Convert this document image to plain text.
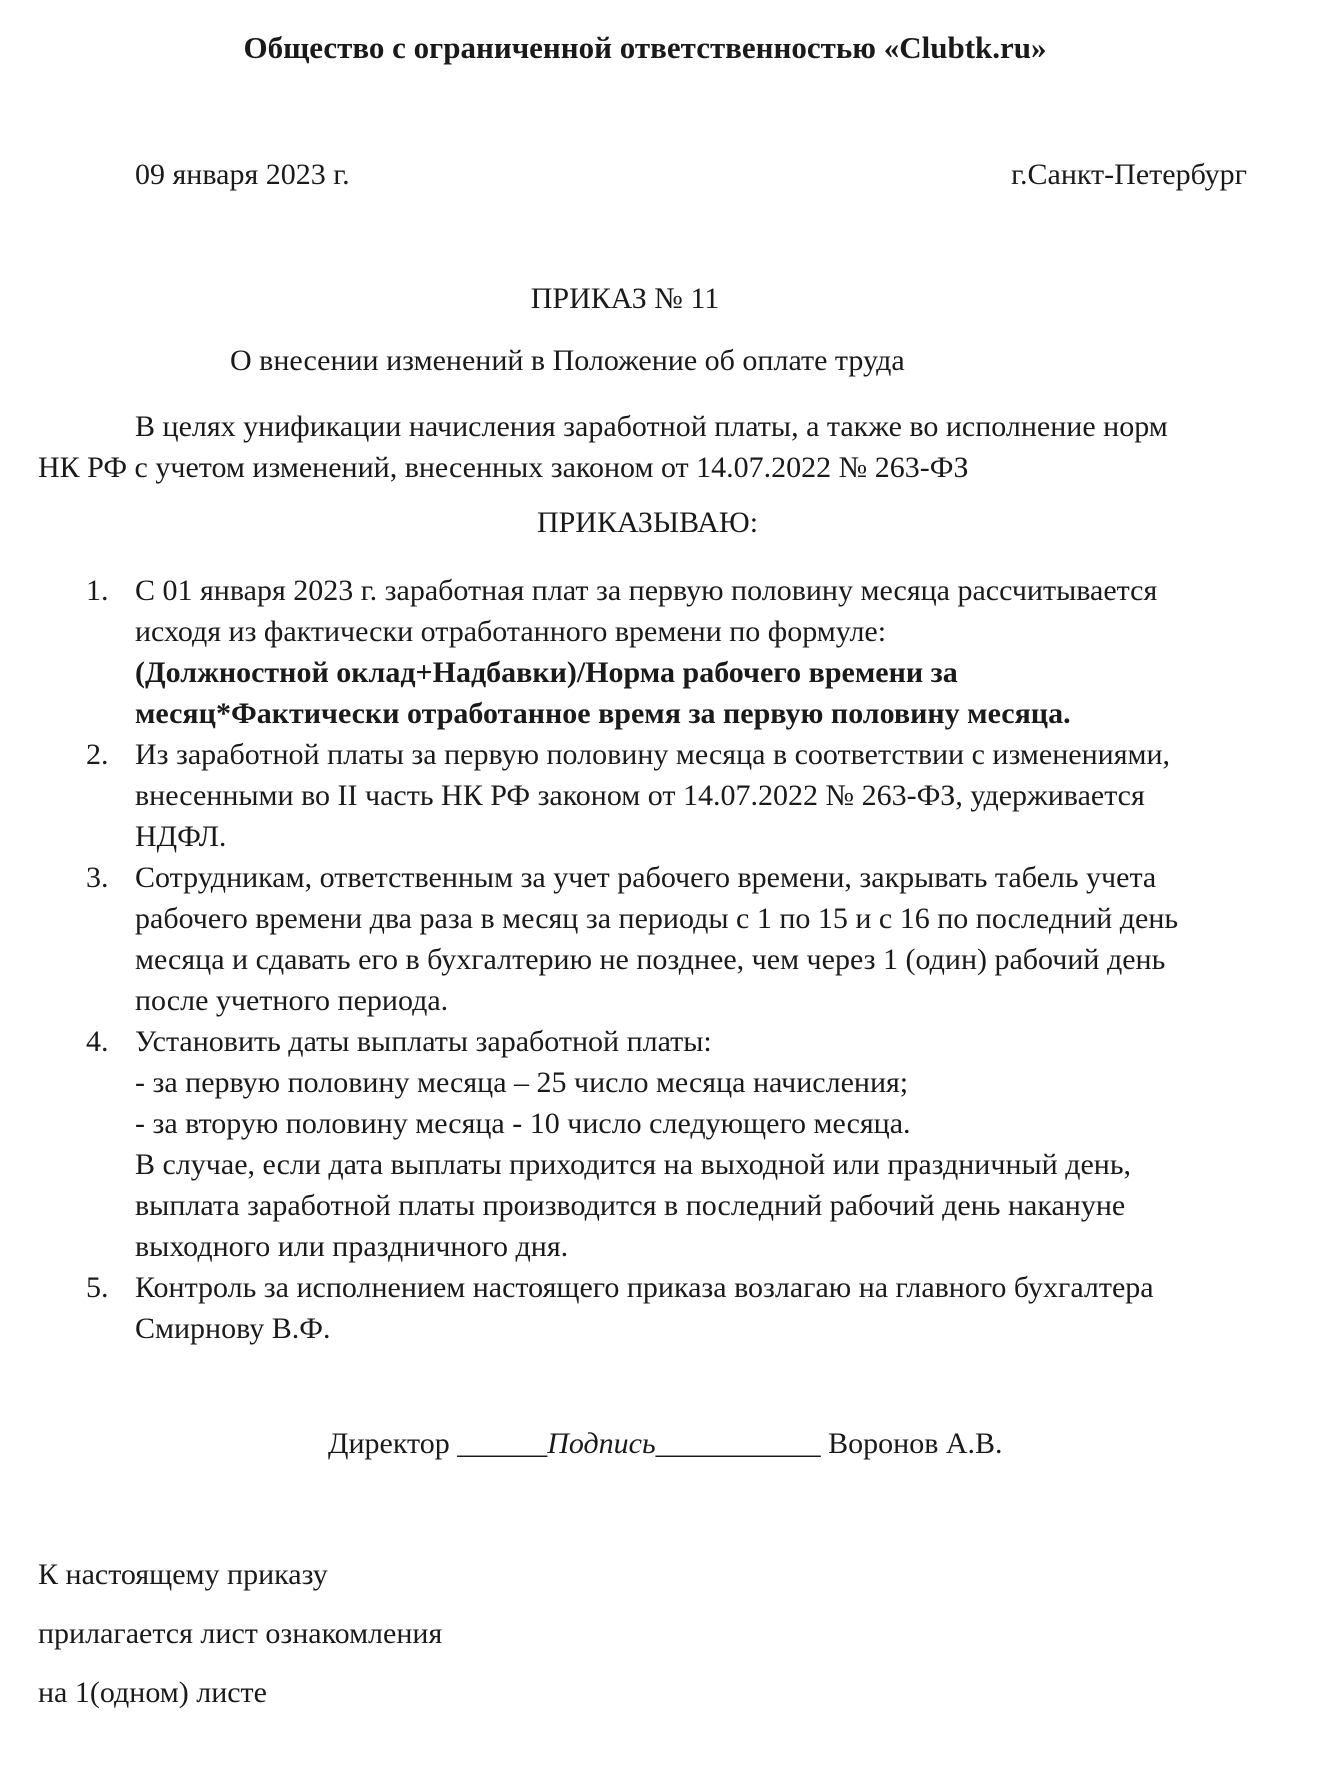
Общество с ограниченной ответственностью «Clubtk.ru»

09 января 2023 г.	г.Санкт-Петербург

ПРИКАЗ № 11

О внесении изменений в Положение об оплате труда

В целях унификации начисления заработной платы, а также во исполнение норм
НК РФ с учетом изменений, внесенных законом от 14.07.2022 № 263-ФЗ

ПРИКАЗЫВАЮ:

1. С 01 января 2023 г. заработная плат за первую половину месяца рассчитывается
исходя из фактически отработанного времени по формуле:
(Должностной оклад+Надбавки)/Норма рабочего времени за
месяц*Фактически отработанное время за первую половину месяца.
2. Из заработной платы за первую половину месяца в соответствии с изменениями,
внесенными во II часть НК РФ законом от 14.07.2022 № 263-ФЗ, удерживается
НДФЛ.
3. Сотрудникам, ответственным за учет рабочего времени, закрывать табель учета
рабочего времени два раза в месяц за периоды с 1 по 15 и с 16 по последний день
месяца и сдавать его в бухгалтерию не позднее, чем через 1 (один) рабочий день
после учетного периода.
4. Установить даты выплаты заработной платы:
- за первую половину месяца – 25 число месяца начисления;
- за вторую половину месяца - 10 число следующего месяца.
В случае, если дата выплаты приходится на выходной или праздничный день,
выплата заработной платы производится в последний рабочий день накануне
выходного или праздничного дня.
5. Контроль за исполнением настоящего приказа возлагаю на главного бухгалтера
Смирнову В.Ф.

Директор ______Подпись___________ Воронов А.В.

К настоящему приказу

прилагается лист ознакомления

на 1(одном) листе
